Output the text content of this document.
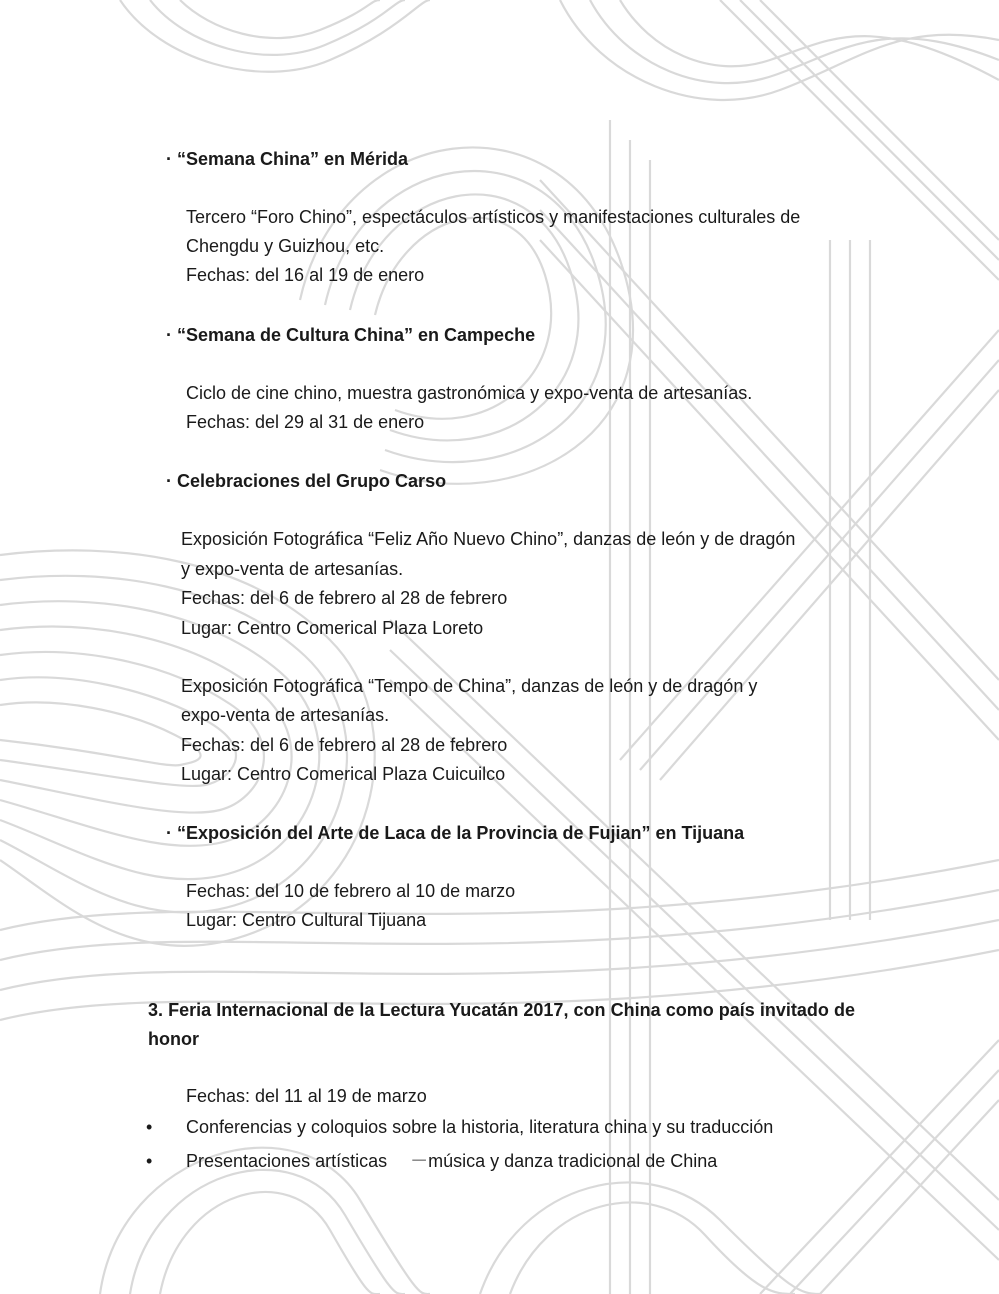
· “Semana China” en Mérida
Tercero “Foro Chino”, espectáculos artísticos y manifestaciones culturales de
Chengdu y Guizhou, etc.
Fechas: del 16 al 19 de enero
· “Semana de Cultura China” en Campeche
Ciclo de cine chino, muestra gastronómica y expo-venta de artesanías.
Fechas: del 29 al 31 de enero
· Celebraciones del Grupo Carso
Exposición Fotográfica “Feliz Año Nuevo Chino”, danzas de león y de dragón
y expo-venta de artesanías.
Fechas: del 6 de febrero al 28 de febrero
Lugar: Centro Comerical Plaza Loreto
Exposición Fotográfica “Tempo de China”, danzas de león y de dragón y
expo-venta de artesanías.
Fechas: del 6 de febrero al 28 de febrero
Lugar: Centro Comerical Plaza Cuicuilco
· “Exposición del Arte de Laca de la Provincia de Fujian” en Tijuana
Fechas: del 10 de febrero al 10 de marzo
Lugar: Centro Cultural Tijuana
3. Feria Internacional de la Lectura Yucatán 2017, con China como país invitado de honor
Fechas: del 11 al 19 de marzo
• Conferencias y coloquios sobre la historia, literatura china y su traducción
• Presentaciones artísticas 　－música y danza tradicional de China
